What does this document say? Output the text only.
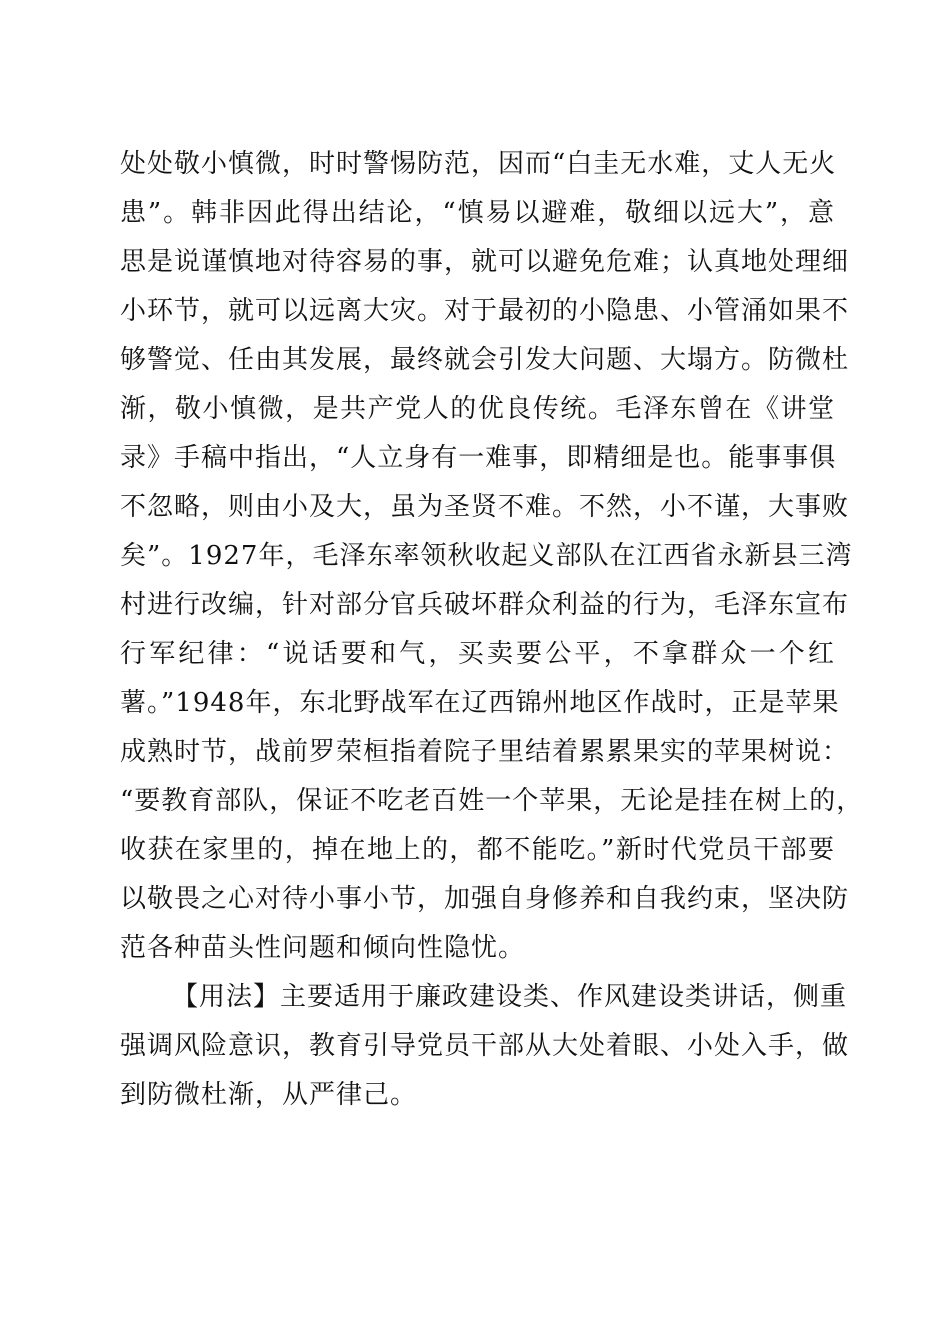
处处敬小慎微，时时警惕防范，因而“白圭无水难，丈人无火
患”。韩非因此得出结论，“慎易以避难，敬细以远大”，意
思是说谨慎地对待容易的事，就可以避免危难；认真地处理细
小环节，就可以远离大灾。对于最初的小隐患、小管涌如果不
够警觉、任由其发展，最终就会引发大问题、大塌方。防微杜
渐，敬小慎微，是共产党人的优良传统。毛泽东曾在《讲堂
录》手稿中指出，“人立身有一难事，即精细是也。能事事俱
不忽略，则由小及大，虽为圣贤不难。不然，小不谨，大事败
矣”。1927年，毛泽东率领秋收起义部队在江西省永新县三湾
村进行改编，针对部分官兵破坏群众利益的行为，毛泽东宣布
行军纪律：“说话要和气，买卖要公平，不拿群众一个红
薯。”1948年，东北野战军在辽西锦州地区作战时，正是苹果
成熟时节，战前罗荣桓指着院子里结着累累果实的苹果树说：
“要教育部队，保证不吃老百姓一个苹果，无论是挂在树上的，
收获在家里的，掉在地上的，都不能吃。”新时代党员干部要
以敬畏之心对待小事小节，加强自身修养和自我约束，坚决防
范各种苗头性问题和倾向性隐忧。
【用法】主要适用于廉政建设类、作风建设类讲话，侧重
强调风险意识，教育引导党员干部从大处着眼、小处入手，做
到防微杜渐，从严律己。
